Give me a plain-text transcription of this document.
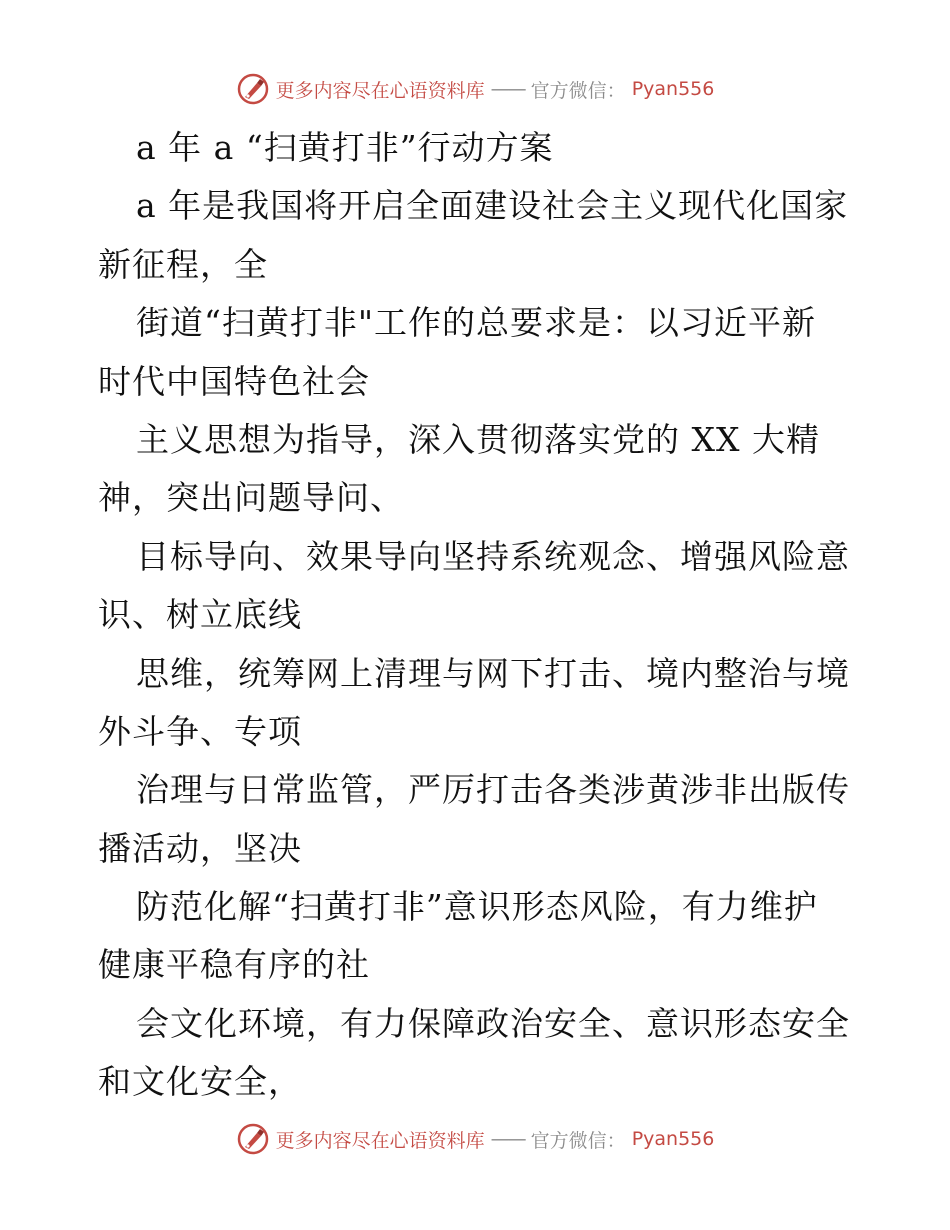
更多内容尽在心语资料库 —— 官方微信： Pyan556
a 年 a “扫黄打非”行动方案
a 年是我国将开启全面建设社会主义现代化国家
新征程，全
街道“扫黄打非"工作的总要求是：以习近平新
时代中国特色社会
主义思想为指导，深入贯彻落实党的 XX 大精
神，突出问题导问、
目标导向、效果导向坚持系统观念、增强风险意
识、树立底线
思维，统筹网上清理与网下打击、境内整治与境
外斗争、专项
治理与日常监管，严厉打击各类涉黄涉非出版传
播活动，坚决
防范化解“扫黄打非”意识形态风险，有力维护
健康平稳有序的社
会文化环境，有力保障政治安全、意识形态安全
和文化安全，
更多内容尽在心语资料库 —— 官方微信： Pyan556
